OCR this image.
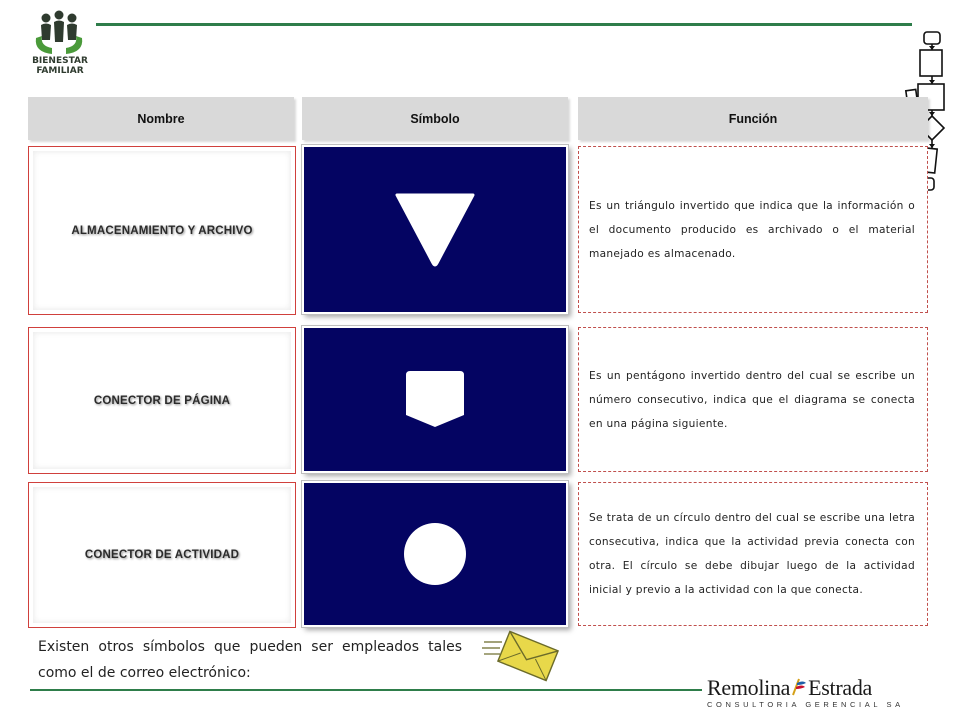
BIENESTAR
FAMILIAR
Nombre	Símbolo	Función
ALMACENAMIENTO Y ARCHIVO
Es un triángulo invertido que indica que la información o el documento producido es archivado o el material manejado es almacenado.
CONECTOR DE PÁGINA
Es un pentágono invertido dentro del cual se escribe un número consecutivo, indica que el diagrama se conecta en una página siguiente.
CONECTOR DE ACTIVIDAD
Se trata de un círculo dentro del cual se escribe una letra consecutiva, indica que la actividad previa conecta con otra. El círculo se debe dibujar luego de la actividad inicial y previo a la actividad con la que conecta.
Existen otros símbolos que pueden ser empleados tales como el de correo electrónico:
Remolina Estrada
CONSULTORIA GERENCIAL SA
